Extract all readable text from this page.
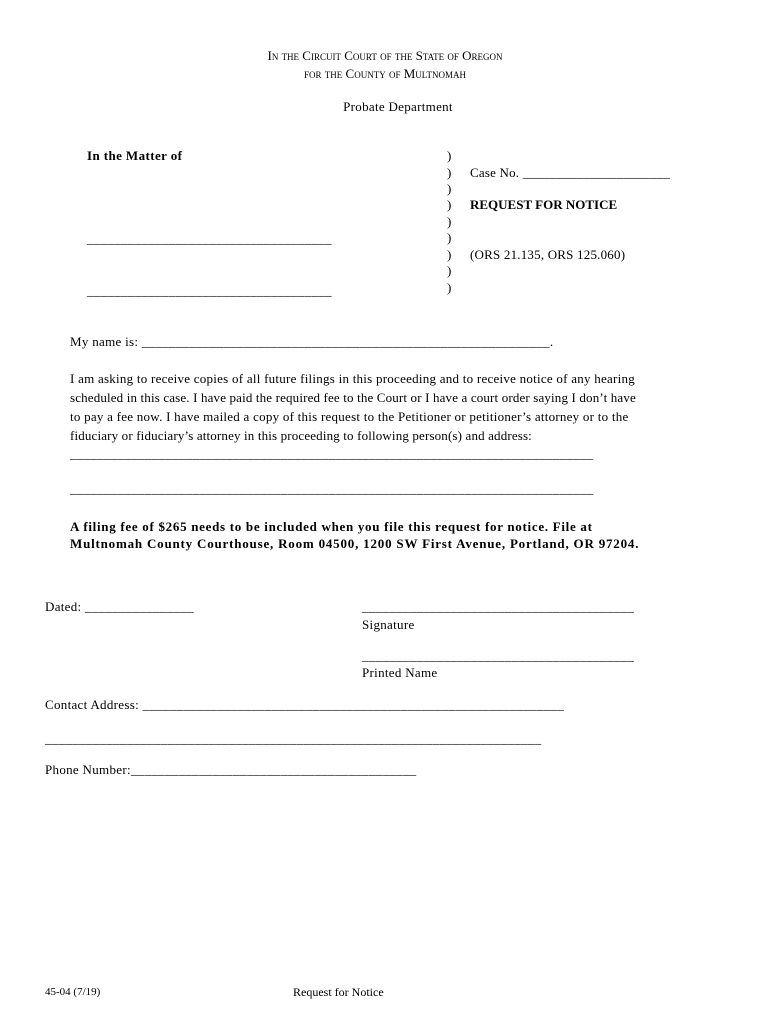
In the Circuit Court of the State of Oregon
for the County of Multnomah
Probate Department
In the Matter of
____________________________________
____________________________________
)
)
)
)
)
)
)
)
)
Case No. ______________________
REQUEST FOR NOTICE
(ORS 21.135, ORS 125.060)
My name is: ____________________________________________________________.
I am asking to receive copies of all future filings in this proceeding and to receive notice of any hearing
scheduled in this case. I have paid the required fee to the Court or I have a court order saying I don’t have
to pay a fee now. I have mailed a copy of this request to the Petitioner or petitioner’s attorney or to the
fiduciary or fiduciary’s attorney in this proceeding to following person(s) and address:
_____________________________________________________________________________
_____________________________________________________________________________
A filing fee of $265 needs to be included when you file this request for notice. File at
Multnomah County Courthouse, Room 04500, 1200 SW First Avenue, Portland, OR 97204.
Dated: ________________	________________________________________
Signature
________________________________________
Printed Name
Contact Address: ______________________________________________________________
_________________________________________________________________________
Phone Number:__________________________________________
45-04 (7/19)	Request for Notice
